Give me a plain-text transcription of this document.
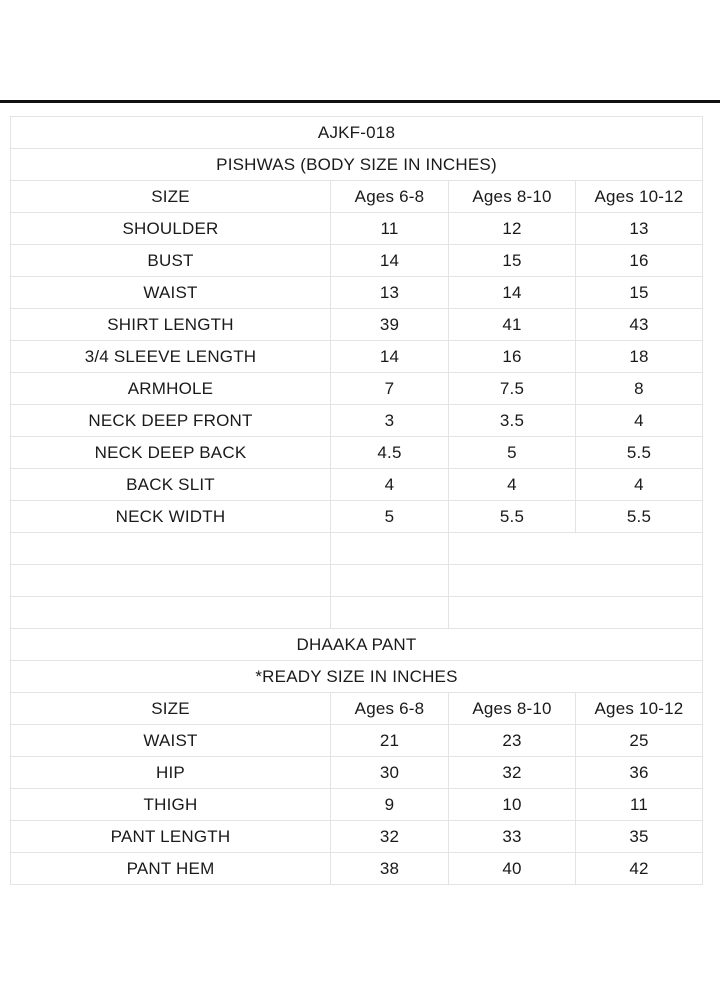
AJKF-018			
PISHWAS (BODY SIZE IN INCHES)			
SIZE	Ages 6-8	Ages 8-10	Ages 10-12
SHOULDER	11	12	13
BUST	14	15	16
WAIST	13	14	15
SHIRT LENGTH	39	41	43
3/4 SLEEVE LENGTH	14	16	18
ARMHOLE	7	7.5	8
NECK DEEP FRONT	3	3.5	4
NECK DEEP BACK	4.5	5	5.5
BACK SLIT	4	4	4
NECK WIDTH	5	5.5	5.5

DHAAKA PANT			
*READY SIZE IN INCHES			
SIZE	Ages 6-8	Ages 8-10	Ages 10-12
WAIST	21	23	25
HIP	30	32	36
THIGH	9	10	11
PANT LENGTH	32	33	35
PANT HEM	38	40	42
